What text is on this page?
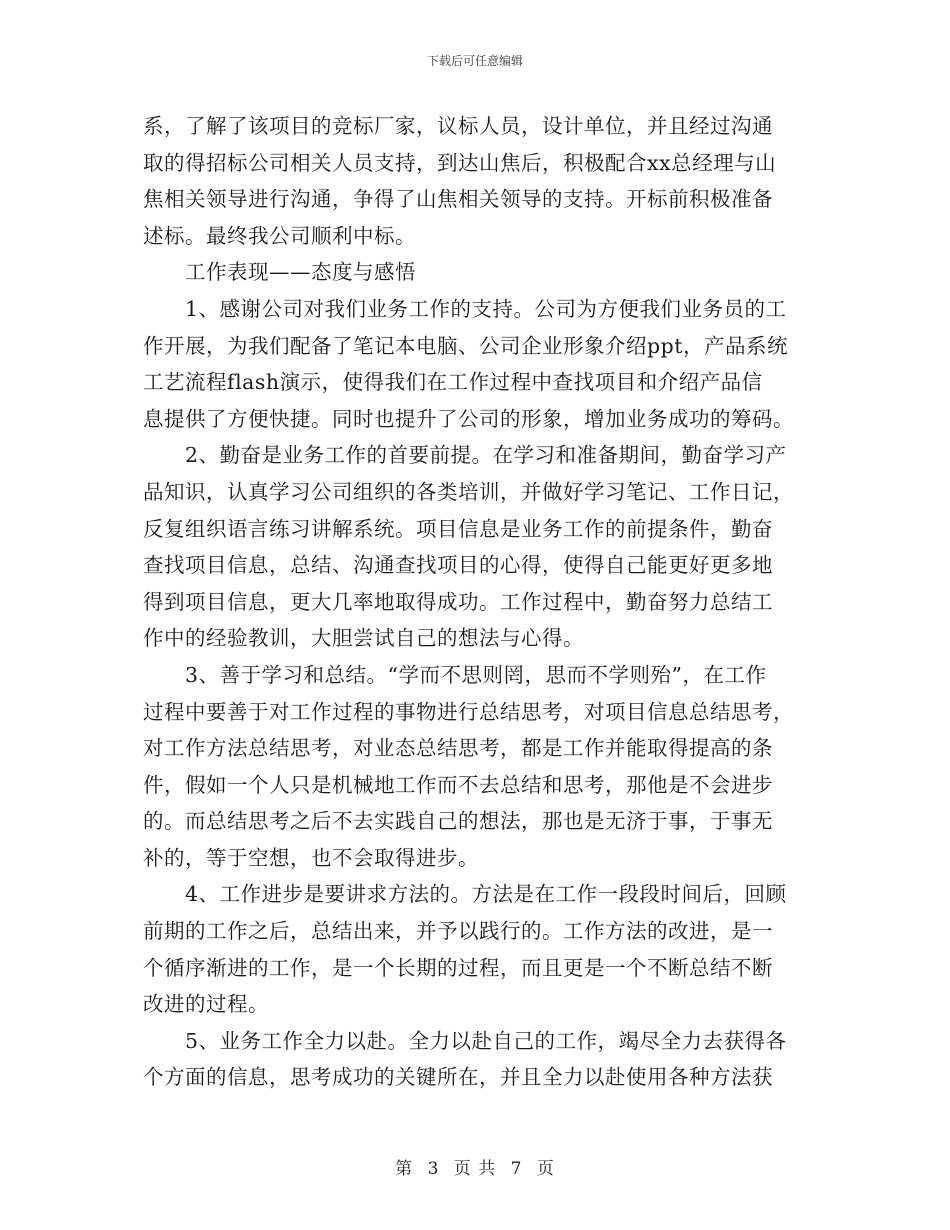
下载后可任意编辑
系，了解了该项目的竞标厂家，议标人员，设计单位，并且经过沟通
取的得招标公司相关人员支持，到达山焦后，积极配合xx总经理与山
焦相关领导进行沟通，争得了山焦相关领导的支持。开标前积极准备
述标。最终我公司顺利中标。
工作表现——态度与感悟
1、感谢公司对我们业务工作的支持。公司为方便我们业务员的工
作开展，为我们配备了笔记本电脑、公司企业形象介绍ppt，产品系统
工艺流程flash演示，使得我们在工作过程中查找项目和介绍产品信
息提供了方便快捷。同时也提升了公司的形象，增加业务成功的筹码。
2、勤奋是业务工作的首要前提。在学习和准备期间，勤奋学习产
品知识，认真学习公司组织的各类培训，并做好学习笔记、工作日记，
反复组织语言练习讲解系统。项目信息是业务工作的前提条件，勤奋
查找项目信息，总结、沟通查找项目的心得，使得自己能更好更多地
得到项目信息，更大几率地取得成功。工作过程中，勤奋努力总结工
作中的经验教训，大胆尝试自己的想法与心得。
3、善于学习和总结。“学而不思则罔，思而不学则殆”，在工作
过程中要善于对工作过程的事物进行总结思考，对项目信息总结思考，
对工作方法总结思考，对业态总结思考，都是工作并能取得提高的条
件，假如一个人只是机械地工作而不去总结和思考，那他是不会进步
的。而总结思考之后不去实践自己的想法，那也是无济于事，于事无
补的，等于空想，也不会取得进步。
4、工作进步是要讲求方法的。方法是在工作一段段时间后，回顾
前期的工作之后，总结出来，并予以践行的。工作方法的改进，是一
个循序渐进的工作，是一个长期的过程，而且更是一个不断总结不断
改进的过程。
5、业务工作全力以赴。全力以赴自己的工作，竭尽全力去获得各
个方面的信息，思考成功的关键所在，并且全力以赴使用各种方法获
第 3 页 共 7 页
